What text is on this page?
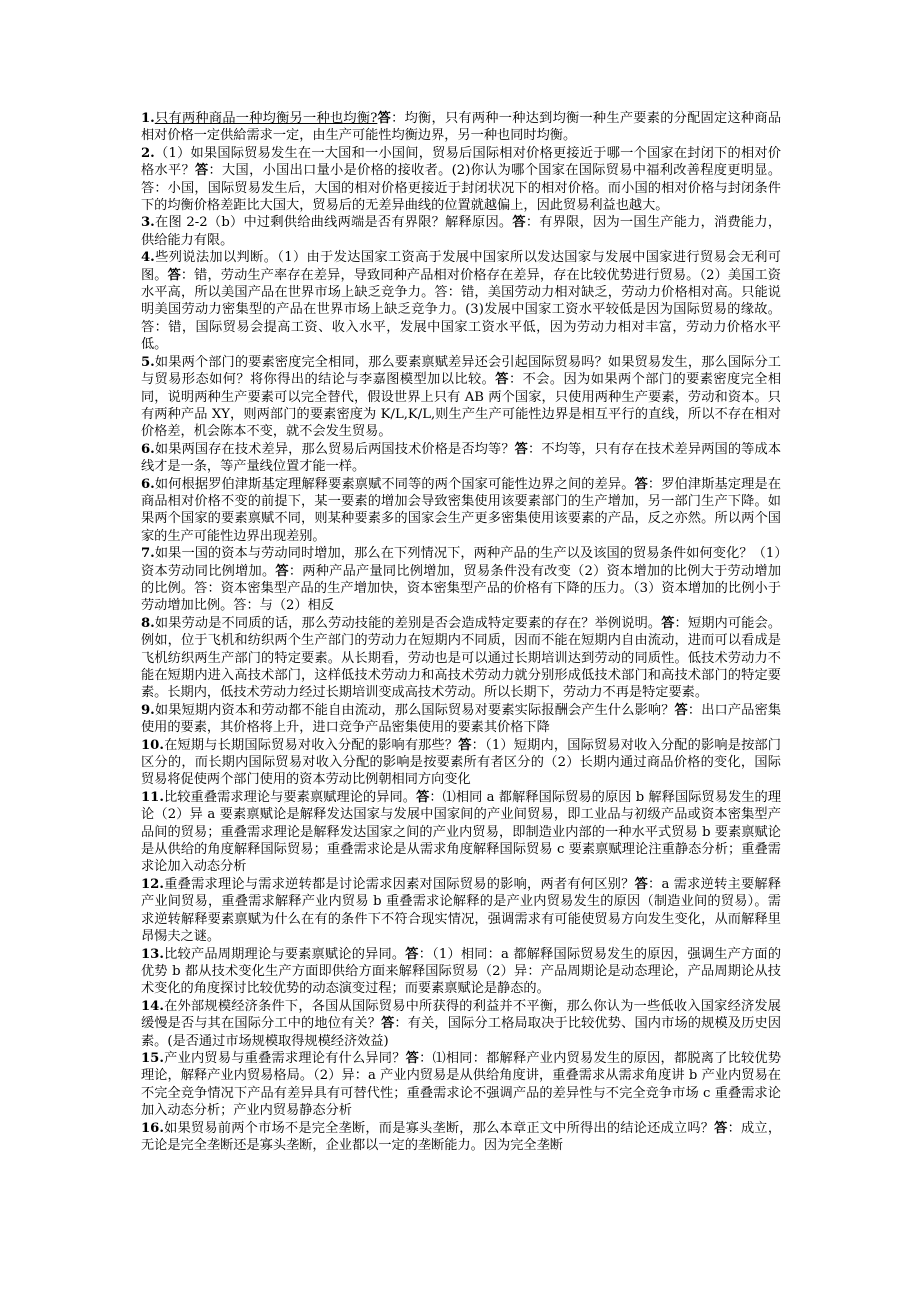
1.只有两种商品一种均衡另一种也均衡?答：均衡，只有两种一种达到均衡一种生产要素的分配固定这种商品相对价格一定供給需求一定，由生产可能性均衡边界，另一种也同时均衡。

2.（1）如果国际贸易发生在一大国和一小国间，贸易后国际相对价格更接近于哪一个国家在封闭下的相对价格水平？答：大国，小国出口量小是价格的接收者。(2)你认为哪个国家在国际贸易中福利改善程度更明显。答：小国，国际贸易发生后，大国的相对价格更接近于封闭状况下的相对价格。而小国的相对价格与封闭条件下的均衡价格差距比大国大，贸易后的无差异曲线的位置就越偏上，因此贸易利益也越大。

3.在图 2-2（b）中过剩供给曲线两端是否有界限？解释原因。答：有界限，因为一国生产能力，消费能力，供给能力有限。

4.些列说法加以判断。（1）由于发达国家工资高于发展中国家所以发达国家与发展中国家进行贸易会无利可图。答：错，劳动生产率存在差异，导致同种产品相对价格存在差异，存在比较优势进行贸易。（2）美国工资水平高，所以美国产品在世界市场上缺乏竞争力。答：错，美国劳动力相对缺乏，劳动力价格相对高。只能说明美国劳动力密集型的产品在世界市场上缺乏竞争力。(3)发展中国家工资水平较低是因为国际贸易的缘故。答：错，国际贸易会提高工资、收入水平，发展中国家工资水平低，因为劳动力相对丰富，劳动力价格水平低。

5.如果两个部门的要素密度完全相同，那么要素禀赋差异还会引起国际贸易吗？如果贸易发生，那么国际分工与贸易形态如何？将你得出的结论与李嘉图模型加以比较。答：不会。因为如果两个部门的要素密度完全相同，说明两种生产要素可以完全替代，假设世界上只有 AB 两个国家，只使用两种生产要素，劳动和资本。只有两种产品 XY，则两部门的要素密度为 K/L,K/L,则生产生产可能性边界是相互平行的直线，所以不存在相对价格差，机会陈本不变，就不会发生贸易。

6.如果两国存在技术差异，那么贸易后两国技术价格是否均等？答：不均等，只有存在技术差异两国的等成本线才是一条，等产量线位置才能一样。

6.如何根据罗伯津斯基定理解释要素禀赋不同等的两个国家可能性边界之间的差异。答：罗伯津斯基定理是在商品相对价格不变的前提下，某一要素的增加会导致密集使用该要素部门的生产增加，另一部门生产下降。如果两个国家的要素禀赋不同，则某种要素多的国家会生产更多密集使用该要素的产品，反之亦然。所以两个国家的生产可能性边界出现差别。

7.如果一国的资本与劳动同时增加，那么在下列情况下，两种产品的生产以及该国的贸易条件如何变化？（1）资本劳动同比例增加。答：两种产品产量同比例增加，贸易条件没有改变（2）资本增加的比例大于劳动增加的比例。答：资本密集型产品的生产增加快，资本密集型产品的价格有下降的压力。（3）资本增加的比例小于劳动增加比例。答：与（2）相反

8.如果劳动是不同质的话，那么劳动技能的差别是否会造成特定要素的存在？举例说明。答：短期内可能会。例如，位于飞机和纺织两个生产部门的劳动力在短期内不同质，因而不能在短期内自由流动，进而可以看成是飞机纺织两生产部门的特定要素。从长期看，劳动也是可以通过长期培训达到劳动的同质性。低技术劳动力不能在短期内进入高技术部门，这样低技术劳动力和高技术劳动力就分别形成低技术部门和高技术部门的特定要素。长期内，低技术劳动力经过长期培训变成高技术劳动。所以长期下，劳动力不再是特定要素。

9.如果短期内资本和劳动都不能自由流动，那么国际贸易对要素实际报酬会产生什么影响？答：出口产品密集使用的要素，其价格将上升，进口竞争产品密集使用的要素其价格下降

10.在短期与长期国际贸易对收入分配的影响有那些？答：（1）短期内，国际贸易对收入分配的影响是按部门区分的，而长期内国际贸易对收入分配的影响是按要素所有者区分的（2）长期内通过商品价格的变化，国际贸易将促使两个部门使用的资本劳动比例朝相同方向变化

11.比较重叠需求理论与要素禀赋理论的异同。答：⑴相同 a 都解释国际贸易的原因 b 解释国际贸易发生的理论（2）异 a 要素禀赋论是解释发达国家与发展中国家间的产业间贸易，即工业品与初级产品或资本密集型产品间的贸易；重叠需求理论是解释发达国家之间的产业内贸易，即制造业内部的一种水平式贸易 b 要素禀赋论是从供给的角度解释国际贸易；重叠需求论是从需求角度解释国际贸易 c 要素禀赋理论注重静态分析；重叠需求论加入动态分析

12.重叠需求理论与需求逆转都是讨论需求因素对国际贸易的影响，两者有何区别？答：a 需求逆转主要解释产业间贸易，重叠需求解释产业内贸易 b 重叠需求论解释的是产业内贸易发生的原因（制造业间的贸易）。需求逆转解释要素禀赋为什么在有的条件下不符合现实情况，强调需求有可能使贸易方向发生变化，从而解释里昂惕夫之谜。

13.比较产品周期理论与要素禀赋论的异同。答：（1）相同：a 都解释国际贸易发生的原因，强调生产方面的优势 b 都从技术变化生产方面即供给方面来解释国际贸易（2）异：产品周期论是动态理论，产品周期论从技术变化的角度探讨比较优势的动态演变过程；而要素禀赋论是静态的。

14.在外部规模经济条件下，各国从国际贸易中所获得的利益并不平衡，那么你认为一些低收入国家经济发展缓慢是否与其在国际分工中的地位有关？答：有关，国际分工格局取决于比较优势、国内市场的规模及历史因素。(是否通过市场规模取得规模经济效益)

15.产业内贸易与重叠需求理论有什么异同？答：⑴相同：都解释产业内贸易发生的原因，都脱离了比较优势理论，解释产业内贸易格局。（2）异：a 产业内贸易是从供给角度讲，重叠需求从需求角度讲 b 产业内贸易在不完全竞争情况下产品有差异具有可替代性；重叠需求论不强调产品的差异性与不完全竞争市场 c 重叠需求论加入动态分析；产业内贸易静态分析

16.如果贸易前两个市场不是完全垄断，而是寡头垄断，那么本章正文中所得出的结论还成立吗？答：成立，无论是完全垄断还是寡头垄断，企业都以一定的垄断能力。因为完全垄断
